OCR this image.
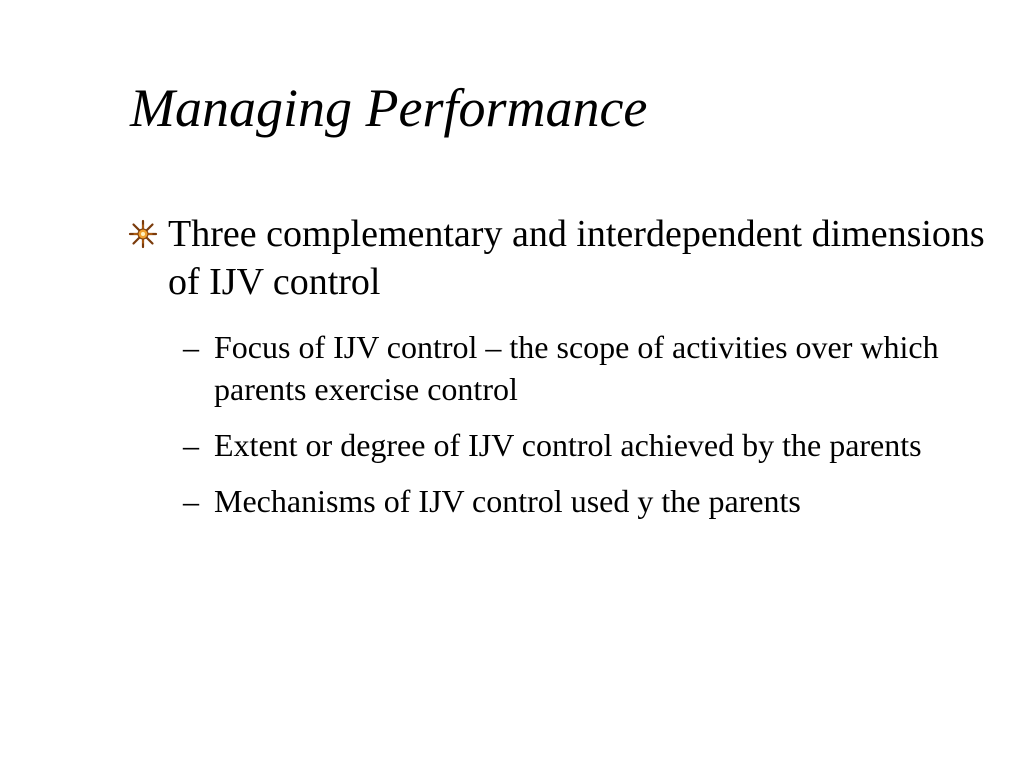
Managing Performance
Three complementary and interdependent dimensions of IJV control
– Focus of IJV control – the scope of activities over which parents exercise control
– Extent or degree of IJV control achieved by the parents
– Mechanisms of IJV control used y the parents
